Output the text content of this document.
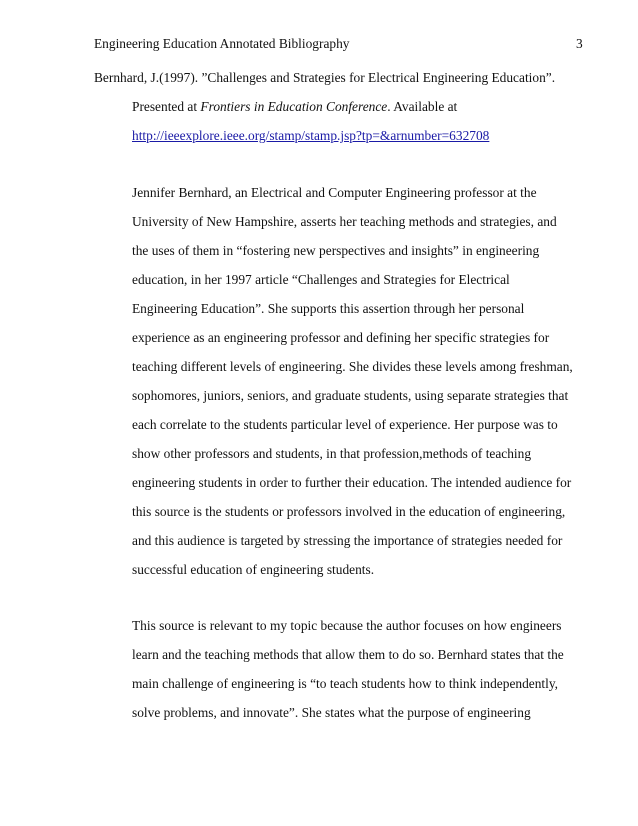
Engineering Education Annotated Bibliography	3
Bernhard, J.(1997). ”Challenges and Strategies for Electrical Engineering Education”.
Presented at Frontiers in Education Conference. Available at
http://ieeexplore.ieee.org/stamp/stamp.jsp?tp=&arnumber=632708
Jennifer Bernhard, an Electrical and Computer Engineering professor at the
University of New Hampshire, asserts her teaching methods and strategies, and
the uses of them in “fostering new perspectives and insights” in engineering
education, in her 1997 article “Challenges and Strategies for Electrical
Engineering Education”. She supports this assertion through her personal
experience as an engineering professor and defining her specific strategies for
teaching different levels of engineering. She divides these levels among freshman,
sophomores, juniors, seniors, and graduate students, using separate strategies that
each correlate to the students particular level of experience. Her purpose was to
show other professors and students, in that profession,methods of teaching
engineering students in order to further their education. The intended audience for
this source is the students or professors involved in the education of engineering,
and this audience is targeted by stressing the importance of strategies needed for
successful education of engineering students.
This source is relevant to my topic because the author focuses on how engineers
learn and the teaching methods that allow them to do so. Bernhard states that the
main challenge of engineering is “to teach students how to think independently,
solve problems, and innovate”. She states what the purpose of engineering
